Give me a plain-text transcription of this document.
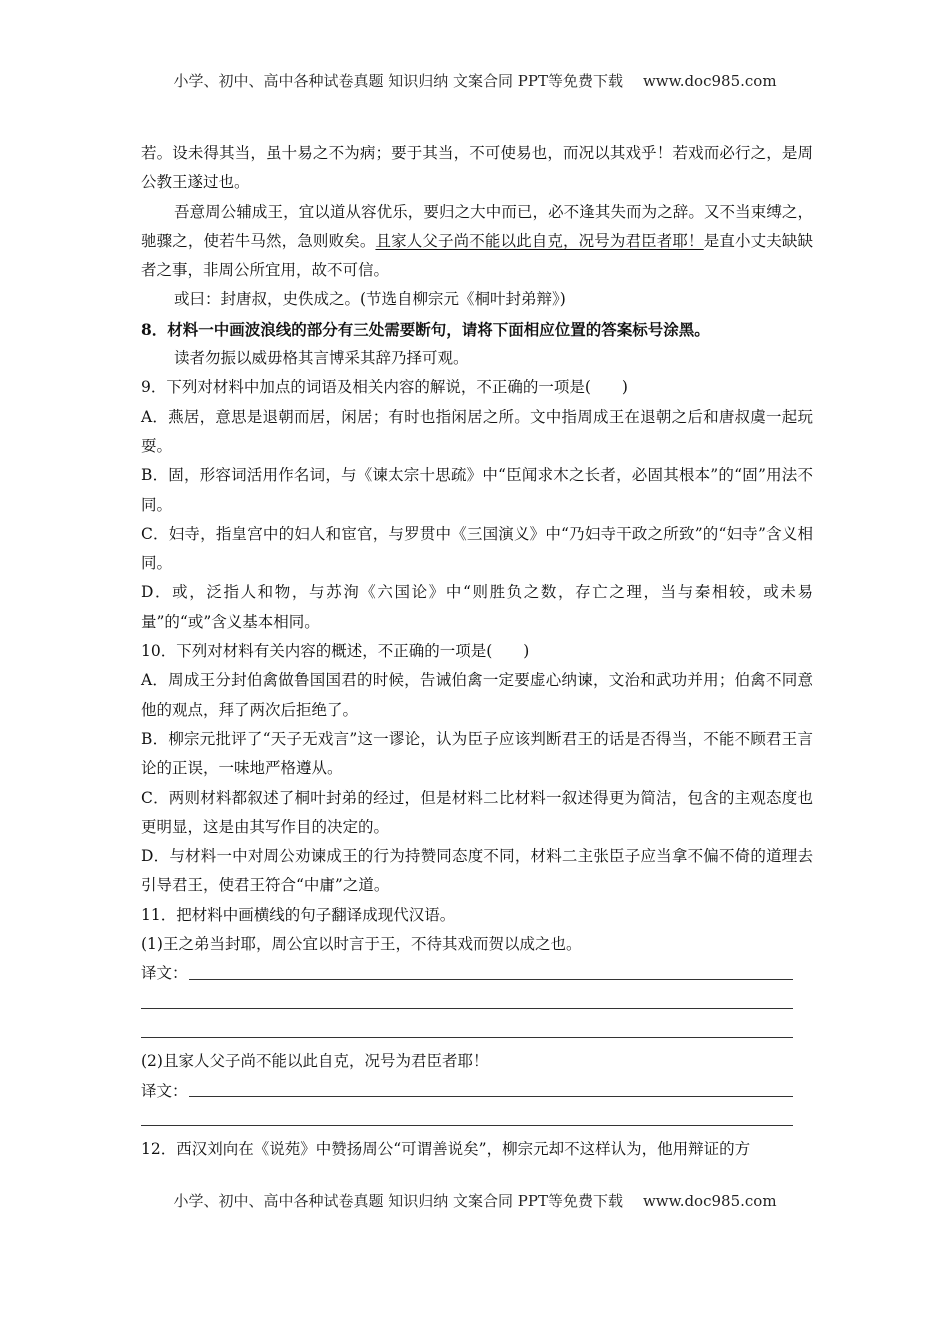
小学、初中、高中各种试卷真题 知识归纳 文案合同 PPT等免费下载 www.doc985.com

若。设未得其当，虽十易之不为病；要于其当，不可使易也，而况以其戏乎！若戏而必行之，是周公教王遂过也。

吾意周公辅成王，宜以道从容优乐，要归之大中而已，必不逢其失而为之辞。又不当束缚之，驰骤之，使若牛马然，急则败矣。且家人父子尚不能以此自克，况号为君臣者耶！是直小丈夫缺缺者之事，非周公所宜用，故不可信。

或曰：封唐叔，史佚成之。(节选自柳宗元《桐叶封弟辩》)

8．材料一中画波浪线的部分有三处需要断句，请将下面相应位置的答案标号涂黑。

读者勿振以威毋格其言博采其辞乃择可观。

9．下列对材料中加点的词语及相关内容的解说，不正确的一项是(　　)

A．燕居，意思是退朝而居，闲居；有时也指闲居之所。文中指周成王在退朝之后和唐叔虞一起玩耍。

B．固，形容词活用作名词，与《谏太宗十思疏》中“臣闻求木之长者，必固其根本”的“固”用法不同。

C．妇寺，指皇宫中的妇人和宦官，与罗贯中《三国演义》中“乃妇寺干政之所致”的“妇寺”含义相同。

D．或，泛指人和物，与苏洵《六国论》中“则胜负之数，存亡之理，当与秦相较，或未易量”的“或”含义基本相同。

10．下列对材料有关内容的概述，不正确的一项是(　　)

A．周成王分封伯禽做鲁国国君的时候，告诫伯禽一定要虚心纳谏，文治和武功并用；伯禽不同意他的观点，拜了两次后拒绝了。

B．柳宗元批评了“天子无戏言”这一谬论，认为臣子应该判断君王的话是否得当，不能不顾君王言论的正误，一味地严格遵从。

C．两则材料都叙述了桐叶封弟的经过，但是材料二比材料一叙述得更为简洁，包含的主观态度也更明显，这是由其写作目的决定的。

D．与材料一中对周公劝谏成王的行为持赞同态度不同，材料二主张臣子应当拿不偏不倚的道理去引导君王，使君王符合“中庸”之道。

11．把材料中画横线的句子翻译成现代汉语。

(1)王之弟当封耶，周公宜以时言于王，不待其戏而贺以成之也。

译文：

(2)且家人父子尚不能以此自克，况号为君臣者耶！

译文：

12．西汉刘向在《说苑》中赞扬周公“可谓善说矣”，柳宗元却不这样认为，他用辩证的方

小学、初中、高中各种试卷真题 知识归纳 文案合同 PPT等免费下载 www.doc985.com
